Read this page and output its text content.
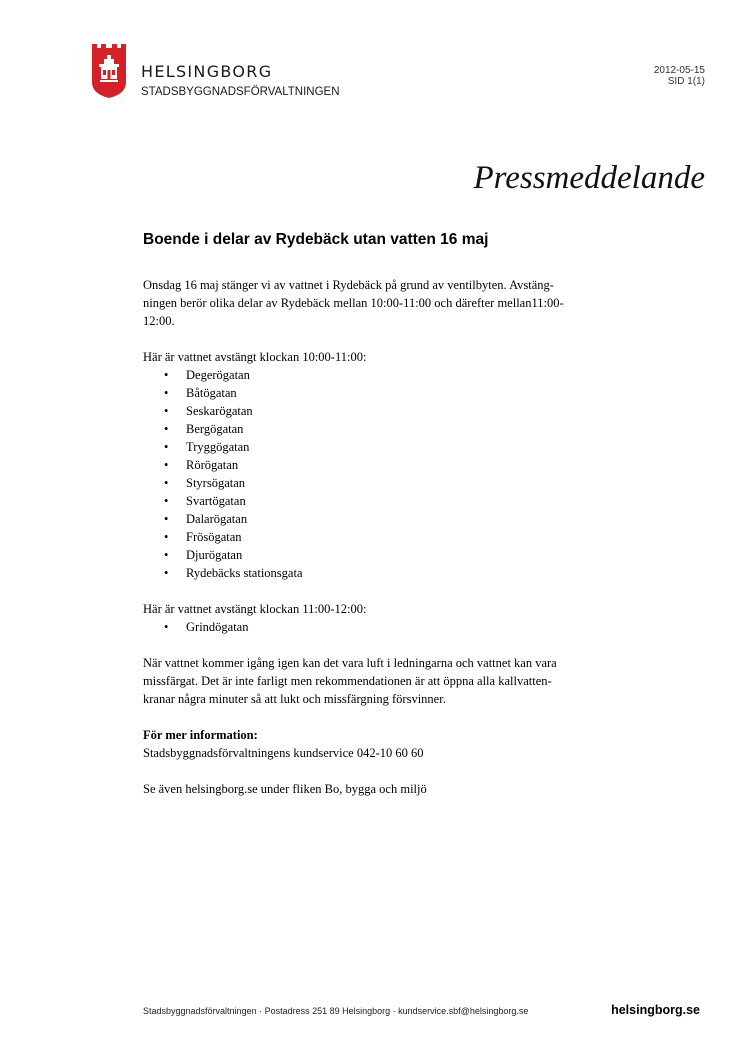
HELSINGBORG
STADSBYGGNADSFÖRVALTNINGEN
2012-05-15
SID 1(1)
Pressmeddelande
Boende i delar av Rydebäck utan vatten 16 maj

Onsdag 16 maj stänger vi av vattnet i Rydebäck på grund av ventilbyten. Avstäng-
ningen berör olika delar av Rydebäck mellan 10:00-11:00 och därefter mellan11:00-
12:00.

Här är vattnet avstängt klockan 10:00-11:00:

• Degerögatan
• Båtögatan
• Seskarögatan
• Bergögatan
• Tryggögatan
• Rörögatan
• Styrsögatan
• Svartögatan
• Dalarögatan
• Frösögatan
• Djurögatan
• Rydebäcks stationsgata

Här är vattnet avstängt klockan 11:00-12:00:

• Grindögatan

När vattnet kommer igång igen kan det vara luft i ledningarna och vattnet kan vara
missfärgat. Det är inte farligt men rekommendationen är att öppna alla kallvatten-
kranar några minuter så att lukt och missfärgning försvinner.

För mer information:

Stadsbyggnadsförvaltningens kundservice 042-10 60 60

Se även helsingborg.se under fliken Bo, bygga och miljö

Stadsbyggnadsförvaltningen · Postadress 251 89 Helsingborg · kundservice.sbf@helsingborg.se	helsingborg.se
